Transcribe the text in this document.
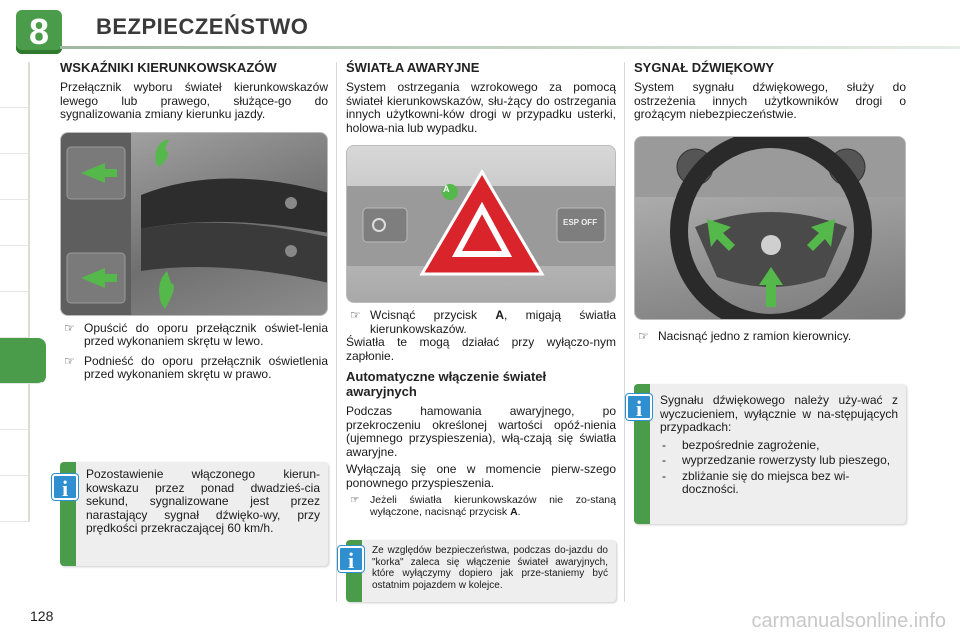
8	BEZPIECZEŃSTWO
WSKAŹNIKI KIERUNKOWSKAZÓW

Przełącznik wyboru świateł kierunkowskazów lewego lub prawego, służące-go do sygnalizowania zmiany kierunku jazdy.

☞ Opuścić do oporu przełącznik oświet-lenia przed wykonaniem skrętu w lewo.
☞ Podnieść do oporu przełącznik oświetlenia przed wykonaniem skrętu w prawo.

Pozostawienie włączonego kierun-kowskazu przez ponad dwadzieś-cia sekund, sygnalizowane jest przez narastający sygnał dźwięko-wy, przy prędkości przekraczającej 60 km/h.

i
ŚWIATŁA AWARYJNE

System ostrzegania wzrokowego za pomocą świateł kierunkowskazów, słu-żący do ostrzegania innych użytkowni-ków drogi w przypadku usterki, holowa-nia lub wypadku.

A
ESP OFF
☞ Wcisnąć przycisk A, migają światła kierunkowskazów.

Światła te mogą działać przy wyłączo-nym zapłonie.

Automatyczne włączenie świateł awaryjnych

Podczas hamowania awaryjnego, po przekroczeniu określonej wartości opóź-nienia (ujemnego przyspieszenia), włą-czają się światła awaryjne.

Wyłączają się one w momencie pierw-szego ponownego przyspieszenia.

☞ Jeżeli światła kierunkowskazów nie zo-staną wyłączone, nacisnąć przycisk A.

Ze względów bezpieczeństwa, podczas do-jazdu do "korka" zaleca się włączenie świateł awaryjnych, które wyłączymy dopiero jak prze-staniemy być ostatnim pojazdem w kolejce.

i
SYGNAŁ DŹWIĘKOWY

System sygnału dźwiękowego, służy do ostrzeżenia innych użytkowników drogi o grożącym niebezpieczeństwie.

☞ Nacisnąć jedno z ramion kierownicy.

Sygnału dźwiękowego należy uży-wać z wyczucieniem, wyłącznie w na-stępujących przypadkach:

- bezpośrednie zagrożenie,
- wyprzedzanie rowerzysty lub pieszego,
- zbliżanie się do miejsca bez wi-doczności.
i
128	carmanualsonline.info
